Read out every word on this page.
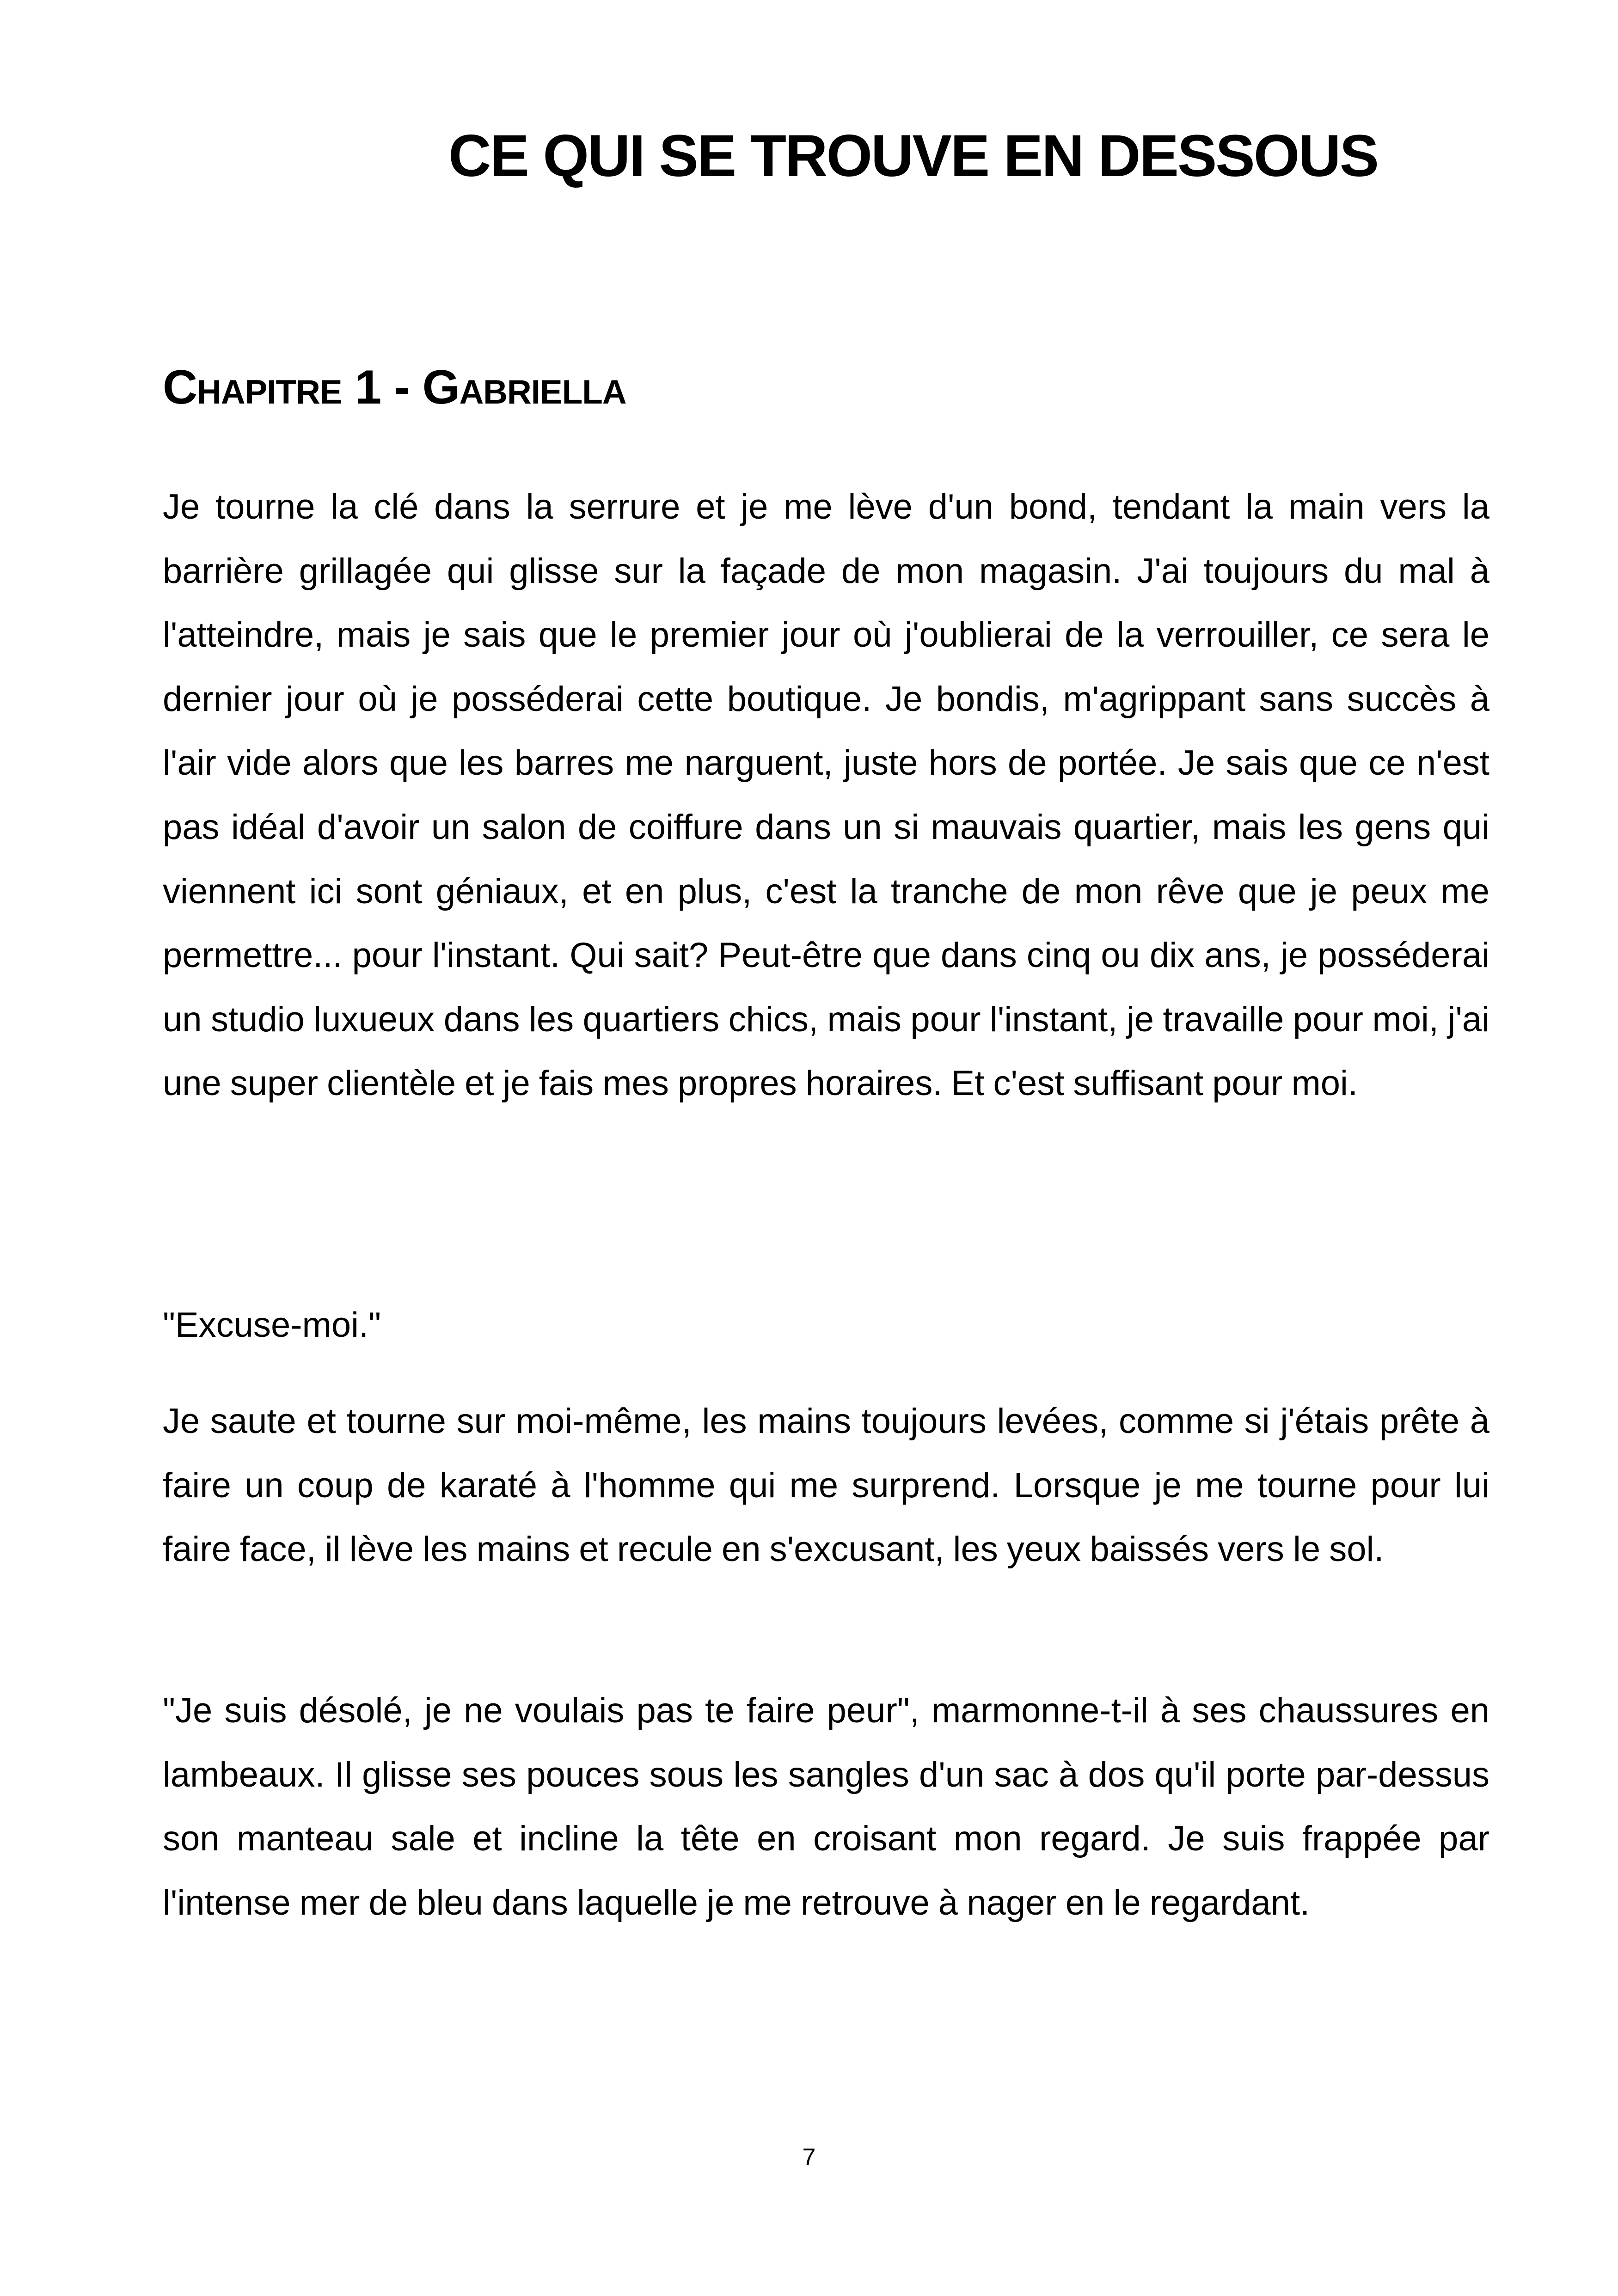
CE QUI SE TROUVE EN DESSOUS
Chapitre 1 - Gabriella

Je tourne la clé dans la serrure et je me lève d'un bond, tendant la main vers la barrière grillagée qui glisse sur la façade de mon magasin. J'ai toujours du mal à l'atteindre, mais je sais que le premier jour où j'oublierai de la verrouiller, ce sera le dernier jour où je posséderai cette boutique. Je bondis, m'agrippant sans succès à l'air vide alors que les barres me narguent, juste hors de portée. Je sais que ce n'est pas idéal d'avoir un salon de coiffure dans un si mauvais quartier, mais les gens qui viennent ici sont géniaux, et en plus, c'est la tranche de mon rêve que je peux me permettre... pour l'instant. Qui sait? Peut-être que dans cinq ou dix ans, je posséderai un studio luxueux dans les quartiers chics, mais pour l'instant, je travaille pour moi, j'ai une super clientèle et je fais mes propres horaires. Et c'est suffisant pour moi.

"Excuse-moi."

Je saute et tourne sur moi-même, les mains toujours levées, comme si j'étais prête à faire un coup de karaté à l'homme qui me surprend. Lorsque je me tourne pour lui faire face, il lève les mains et recule en s'excusant, les yeux baissés vers le sol.

"Je suis désolé, je ne voulais pas te faire peur", marmonne-t-il à ses chaussures en lambeaux. Il glisse ses pouces sous les sangles d'un sac à dos qu'il porte par-dessus son manteau sale et incline la tête en croisant mon regard. Je suis frappée par l'intense mer de bleu dans laquelle je me retrouve à nager en le regardant.

7
